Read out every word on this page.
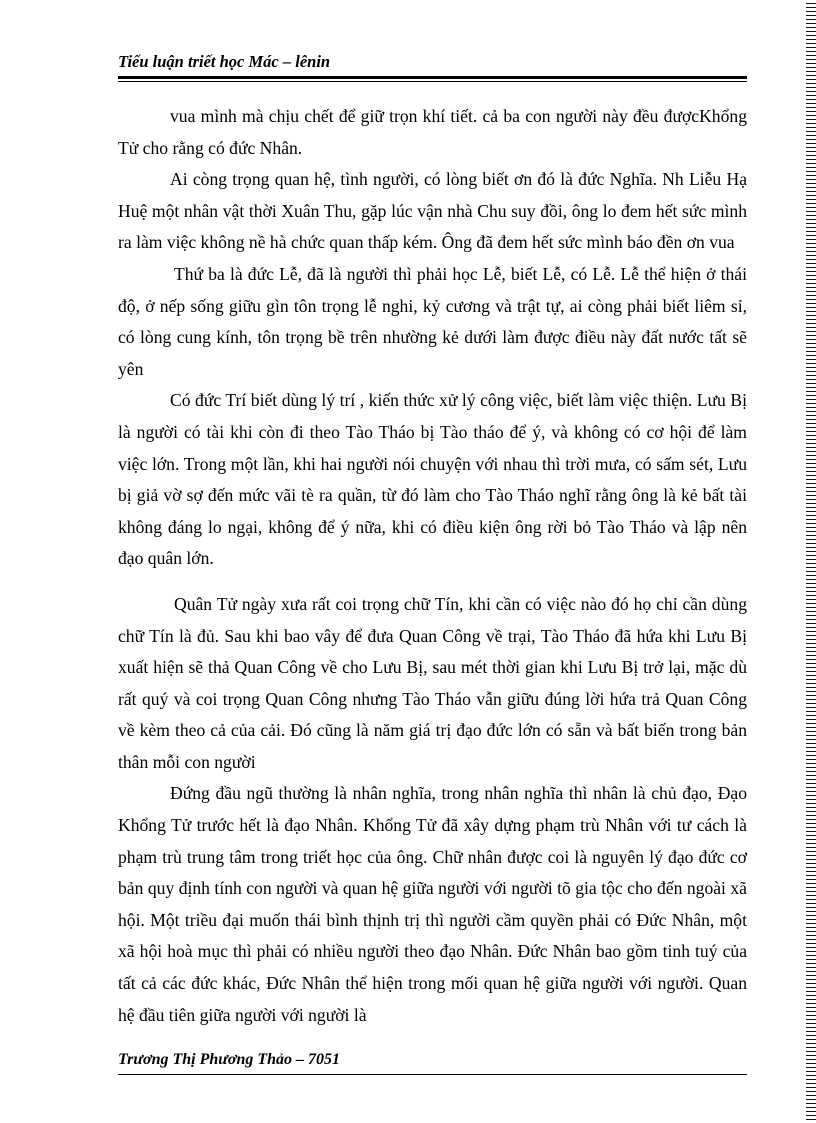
Tiểu luận triết học Mác – lênin

vua mình mà chịu chết để giữ trọn khí tiết. cả ba con người này đều đượcKhổng Tử cho rằng có đức Nhân.

Ai còng trọng quan hệ, tình người, có lòng biết ơn đó là đức Nghĩa. Nh Liễu Hạ Huệ một nhân vật thời Xuân Thu, gặp lúc vận nhà Chu suy đồi, ông lo đem hết sức mình ra làm việc không nề hà chức quan thấp kém. Ông đã đem hết sức mình báo đền ơn vua

Thứ ba là đức Lễ, đã là người thì phải học Lễ, biết Lễ, có Lễ. Lễ thể hiện ở thái độ, ở nếp sống giữu gìn tôn trọng lễ nghi, kỷ cương và trật tự, ai còng phải biết liêm sỉ, có lòng cung kính, tôn trọng bề trên nhường kẻ dưới làm được điều này đất nước tất sẽ yên

Có đức Trí biết dùng lý trí , kiến thức xử lý công việc, biết làm việc thiện. Lưu Bị là người có tài khi còn đi theo Tào Tháo bị Tào tháo để ý, và không có cơ hội để làm việc lớn. Trong một lần, khi hai người nói chuyện với nhau thì trời mưa, có sấm sét, Lưu bị giả vờ sợ đến mức vãi tè ra quần, từ đó làm cho Tào Tháo nghĩ rằng ông là kẻ bất tài không đáng lo ngại, không để ý nữa, khi có điều kiện ông rời bỏ Tào Tháo và lập nên đạo quân lớn.

Quân Tử ngày xưa rất coi trọng chữ Tín, khi cần có việc nào đó họ chỉ cần dùng chữ Tín là đủ. Sau khi bao vây để đưa Quan Công về trại, Tào Tháo đã hứa khi Lưu Bị xuất hiện sẽ thả Quan Công về cho Lưu Bị, sau mét thời gian khi Lưu Bị trở lại, mặc dù rất quý và coi trọng Quan Công nhưng Tào Tháo vẫn giữu đúng lời hứa trả Quan Công về kèm theo cả của cải. Đó cũng là năm giá trị đạo đức lớn có sẵn và bất biến trong bản thân mỗi con người

Đứng đầu ngũ thường là nhân nghĩa, trong nhân nghĩa thì nhân là chủ đạo, Đạo Khổng Tử trước hết là đạo Nhân. Khổng Tử đã xây dựng phạm trù Nhân với tư cách là phạm trù trung tâm trong triết học của ông. Chữ nhân được coi là nguyên lý đạo đức cơ bản quy định tính con người và quan hệ giữa người với người tõ gia tộc cho đến ngoài xã hội. Một triều đại muốn thái bình thịnh trị thì người cầm quyền phải có Đức Nhân, một xã hội hoà mục thì phải có nhiều người theo đạo Nhân. Đức Nhân bao gồm tinh tuý của tất cả các đức khác, Đức Nhân thể hiện trong mối quan hệ giữa người với người. Quan hệ đầu tiên giữa người với người là

Trương Thị Phương Thảo – 7051
